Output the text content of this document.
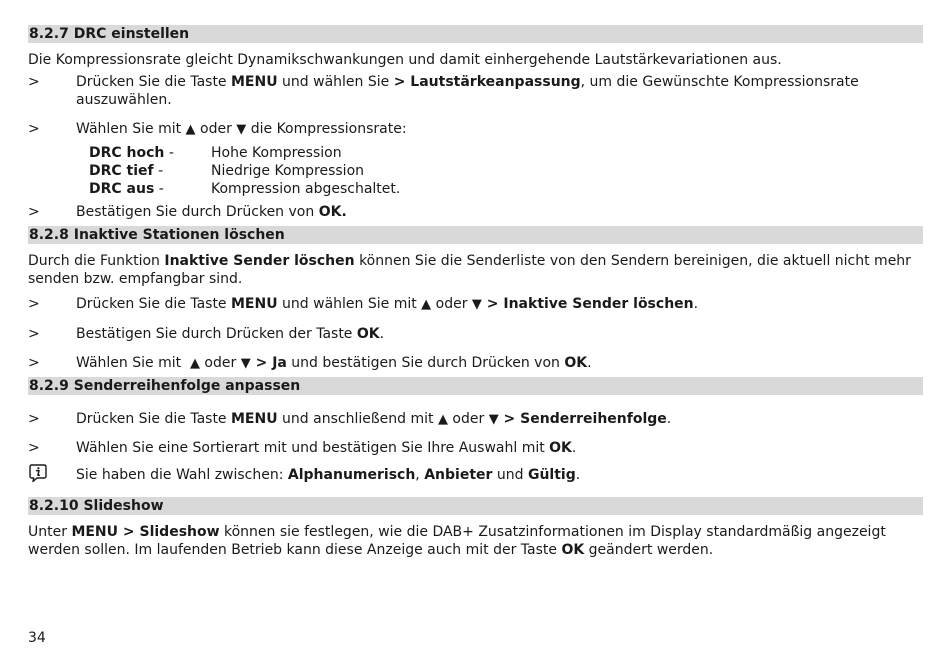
8.2.7 DRC einstellen
Die Kompressionsrate gleicht Dynamikschwankungen und damit einhergehende Lautstärkevariationen aus.
>	Drücken Sie die Taste MENU und wählen Sie > Lautstärkeanpassung, um die Gewünschte Kompressionsrate auszuwählen.
>	Wählen Sie mit ▲ oder ▼ die Kompressionsrate:
DRC hoch -	Hohe Kompression
DRC tief -	Niedrige Kompression
DRC aus -	Kompression abgeschaltet.
>	Bestätigen Sie durch Drücken von OK.
8.2.8 Inaktive Stationen löschen
Durch die Funktion Inaktive Sender löschen können Sie die Senderliste von den Sendern bereinigen, die aktuell nicht mehr senden bzw. empfangbar sind.
>	Drücken Sie die Taste MENU und wählen Sie mit ▲ oder ▼ > Inaktive Sender löschen.
>	Bestätigen Sie durch Drücken der Taste OK.
>	Wählen Sie mit  ▲ oder ▼ > Ja und bestätigen Sie durch Drücken von OK.
8.2.9 Senderreihenfolge anpassen
>	Drücken Sie die Taste MENU und anschließend mit ▲ oder ▼ > Senderreihenfolge.
>	Wählen Sie eine Sortierart mit und bestätigen Sie Ihre Auswahl mit OK.
Sie haben die Wahl zwischen: Alphanumerisch, Anbieter und Gültig.
8.2.10 Slideshow
Unter MENU > Slideshow können sie festlegen, wie die DAB+ Zusatzinformationen im Display standardmäßig angezeigt werden sollen. Im laufenden Betrieb kann diese Anzeige auch mit der Taste OK geändert werden.
34
